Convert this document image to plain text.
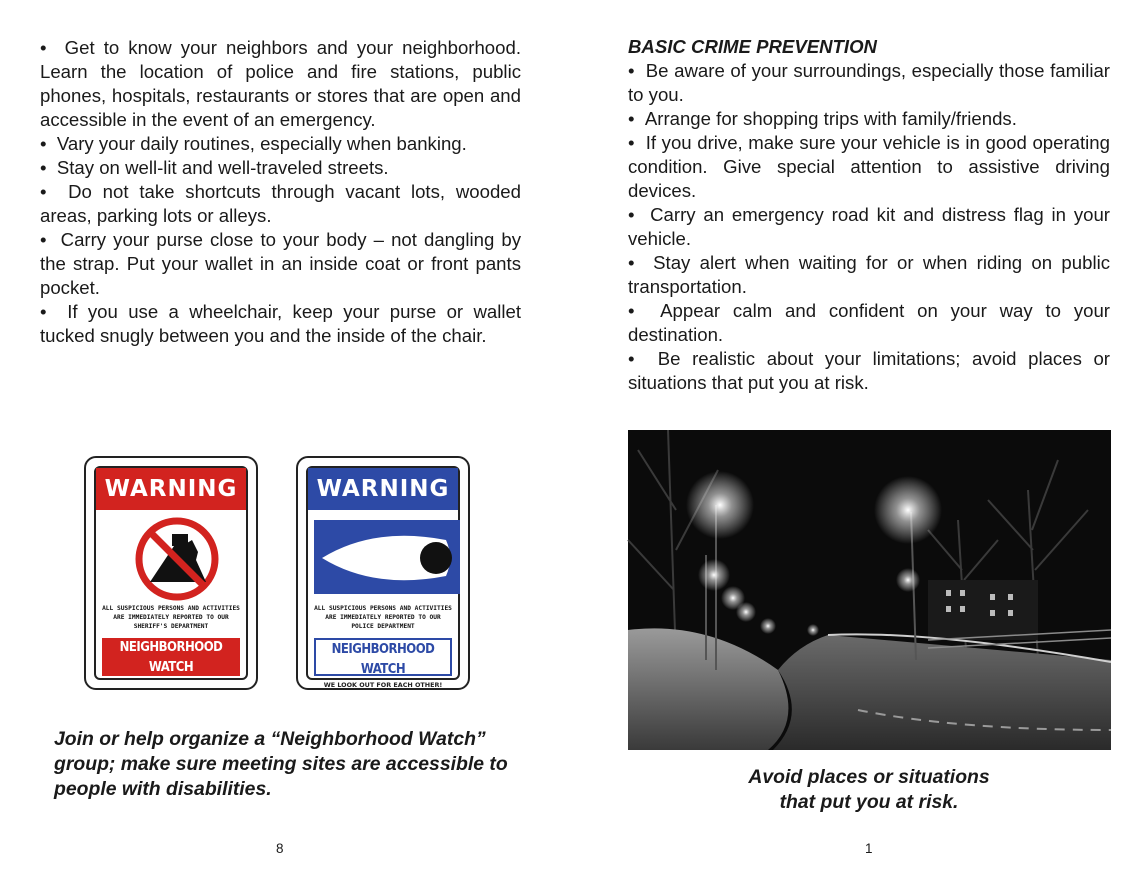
•  Get to know your neighbors and your neighborhood. Learn the location of police and fire stations, public phones, hospitals, restaurants or stores that are open and accessible in the event of an emergency.

•  Vary your daily routines, especially when banking.

•  Stay on well-lit and well-traveled streets.

•  Do not take shortcuts through vacant lots, wooded areas, parking lots or alleys.

•  Carry your purse close to your body – not dangling by the strap. Put your wallet in an inside coat or front pants pocket.

•  If you use a wheelchair, keep your purse or wallet tucked snugly between you and the inside of the chair.

BASIC CRIME PREVENTION

•  Be aware of your surroundings, especially those familiar to you.

•  Arrange for shopping trips with family/friends.

•  If you drive, make sure your vehicle is in good operating condition. Give special attention to assistive driving devices.

•  Carry an emergency road kit and distress flag in your vehicle.

•  Stay alert when waiting for or when riding on public transportation.

•  Appear calm and confident on your way to your destination.

•  Be realistic about your limitations; avoid places or situations that put you at risk.

WARNING
ALL SUSPICIOUS PERSONS AND ACTIVITIES ARE IMMEDIATELY REPORTED TO OUR SHERIFF'S DEPARTMENT
NEIGHBORHOOD WATCH
WE LOOK OUT FOR EACH OTHER!
WARNING
ALL SUSPICIOUS PERSONS AND ACTIVITIES ARE IMMEDIATELY REPORTED TO OUR POLICE DEPARTMENT
NEIGHBORHOOD WATCH
WE LOOK OUT FOR EACH OTHER!
Join or help organize a “Neighborhood Watch” group; make sure meeting sites are accessible to people with disabilities.
Avoid places or situations
that put you at risk.
8	1
